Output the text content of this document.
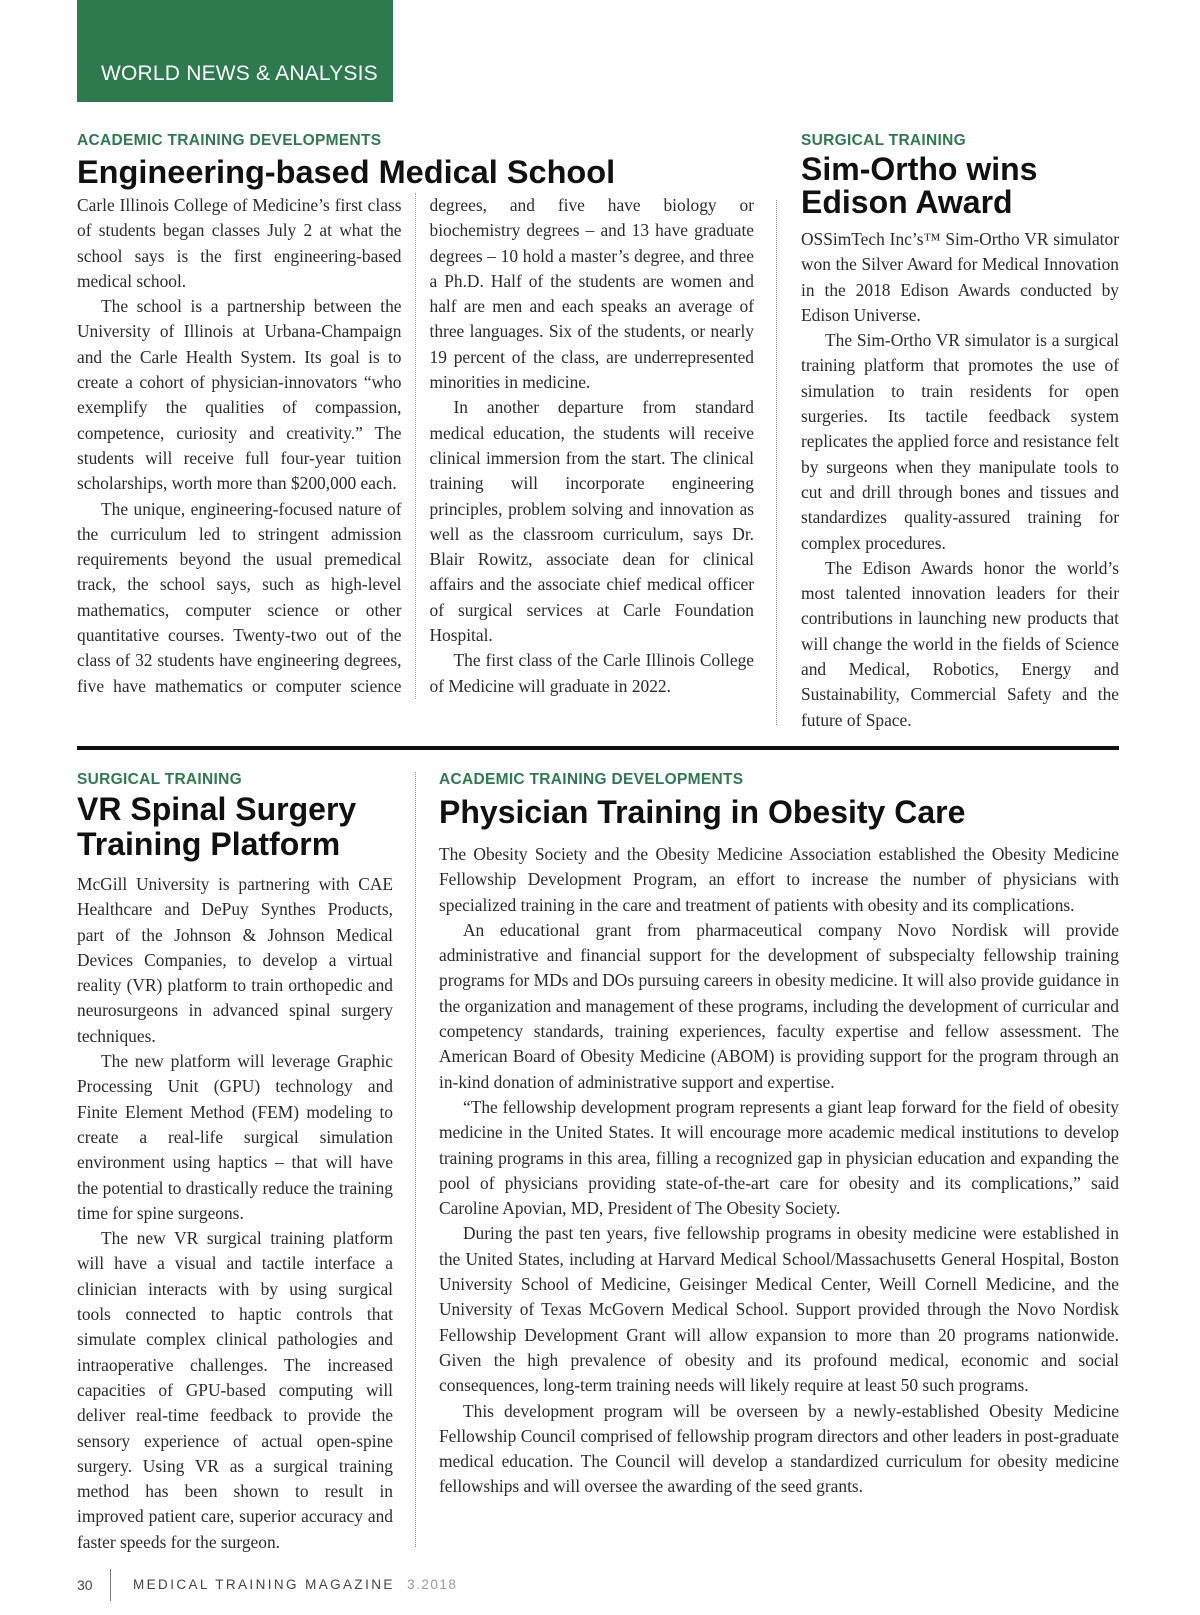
WORLD NEWS & ANALYSIS
ACADEMIC TRAINING DEVELOPMENTS
Engineering-based Medical School

Carle Illinois College of Medicine’s first class of students began classes July 2 at what the school says is the first engineering-based medical school.

The school is a partnership between the University of Illinois at Urbana-Champaign and the Carle Health System. Its goal is to create a cohort of physician-innovators “who exemplify the qualities of compassion, competence, curiosity and creativity.” The students will receive full four-year tuition scholarships, worth more than $200,000 each.

The unique, engineering-focused nature of the curriculum led to stringent admission requirements beyond the usual premedical track, the school says, such as high-level mathematics, computer science or other quantitative courses. Twenty-two out of the class of 32 students have engineering degrees, five have mathematics or computer science degrees, and five have biology or biochemistry degrees – and 13 have graduate degrees – 10 hold a master’s degree, and three a Ph.D. Half of the students are women and half are men and each speaks an average of three languages. Six of the students, or nearly 19 percent of the class, are underrepresented minorities in medicine.

In another departure from standard medical education, the students will receive clinical immersion from the start. The clinical training will incorporate engineering principles, problem solving and innovation as well as the classroom curriculum, says Dr. Blair Rowitz, associate dean for clinical affairs and the associate chief medical officer of surgical services at Carle Foundation Hospital.

The first class of the Carle Illinois College of Medicine will graduate in 2022.

SURGICAL TRAINING
Sim-Ortho wins Edison Award

OSSimTech Inc’s™ Sim-Ortho VR simulator won the Silver Award for Medical Innovation in the 2018 Edison Awards conducted by Edison Universe.

The Sim-Ortho VR simulator is a surgical training platform that promotes the use of simulation to train residents for open surgeries. Its tactile feedback system replicates the applied force and resistance felt by surgeons when they manipulate tools to cut and drill through bones and tissues and standardizes quality-assured training for complex procedures.

The Edison Awards honor the world’s most talented innovation leaders for their contributions in launching new products that will change the world in the fields of Science and Medical, Robotics, Energy and Sustainability, Commercial Safety and the future of Space.

SURGICAL TRAINING
VR Spinal Surgery Training Platform

McGill University is partnering with CAE Healthcare and DePuy Synthes Products, part of the Johnson & Johnson Medical Devices Companies, to develop a virtual reality (VR) platform to train orthopedic and neurosurgeons in advanced spinal surgery techniques.

The new platform will leverage Graphic Processing Unit (GPU) technology and Finite Element Method (FEM) modeling to create a real-life surgical simulation environment using haptics – that will have the potential to drastically reduce the training time for spine surgeons.

The new VR surgical training platform will have a visual and tactile interface a clinician interacts with by using surgical tools connected to haptic controls that simulate complex clinical pathologies and intraoperative challenges. The increased capacities of GPU-based computing will deliver real-time feedback to provide the sensory experience of actual open-spine surgery. Using VR as a surgical training method has been shown to result in improved patient care, superior accuracy and faster speeds for the surgeon.

ACADEMIC TRAINING DEVELOPMENTS
Physician Training in Obesity Care

The Obesity Society and the Obesity Medicine Association established the Obesity Medicine Fellowship Development Program, an effort to increase the number of physicians with specialized training in the care and treatment of patients with obesity and its complications.

An educational grant from pharmaceutical company Novo Nordisk will provide administrative and financial support for the development of subspecialty fellowship training programs for MDs and DOs pursuing careers in obesity medicine. It will also provide guidance in the organization and management of these programs, including the development of curricular and competency standards, training experiences, faculty expertise and fellow assessment. The American Board of Obesity Medicine (ABOM) is providing support for the program through an in-kind donation of administrative support and expertise.

“The fellowship development program represents a giant leap forward for the field of obesity medicine in the United States. It will encourage more academic medical institutions to develop training programs in this area, filling a recognized gap in physician education and expanding the pool of physicians providing state-of-the-art care for obesity and its complications,” said Caroline Apovian, MD, President of The Obesity Society.

During the past ten years, five fellowship programs in obesity medicine were established in the United States, including at Harvard Medical School/Massachusetts General Hospital, Boston University School of Medicine, Geisinger Medical Center, Weill Cornell Medicine, and the University of Texas McGovern Medical School. Support provided through the Novo Nordisk Fellowship Development Grant will allow expansion to more than 20 programs nationwide. Given the high prevalence of obesity and its profound medical, economic and social consequences, long-term training needs will likely require at least 50 such programs.

This development program will be overseen by a newly-established Obesity Medicine Fellowship Council comprised of fellowship program directors and other leaders in post-graduate medical education. The Council will develop a standardized curriculum for obesity medicine fellowships and will oversee the awarding of the seed grants.

30	MEDICAL TRAINING MAGAZINE 3.2018
